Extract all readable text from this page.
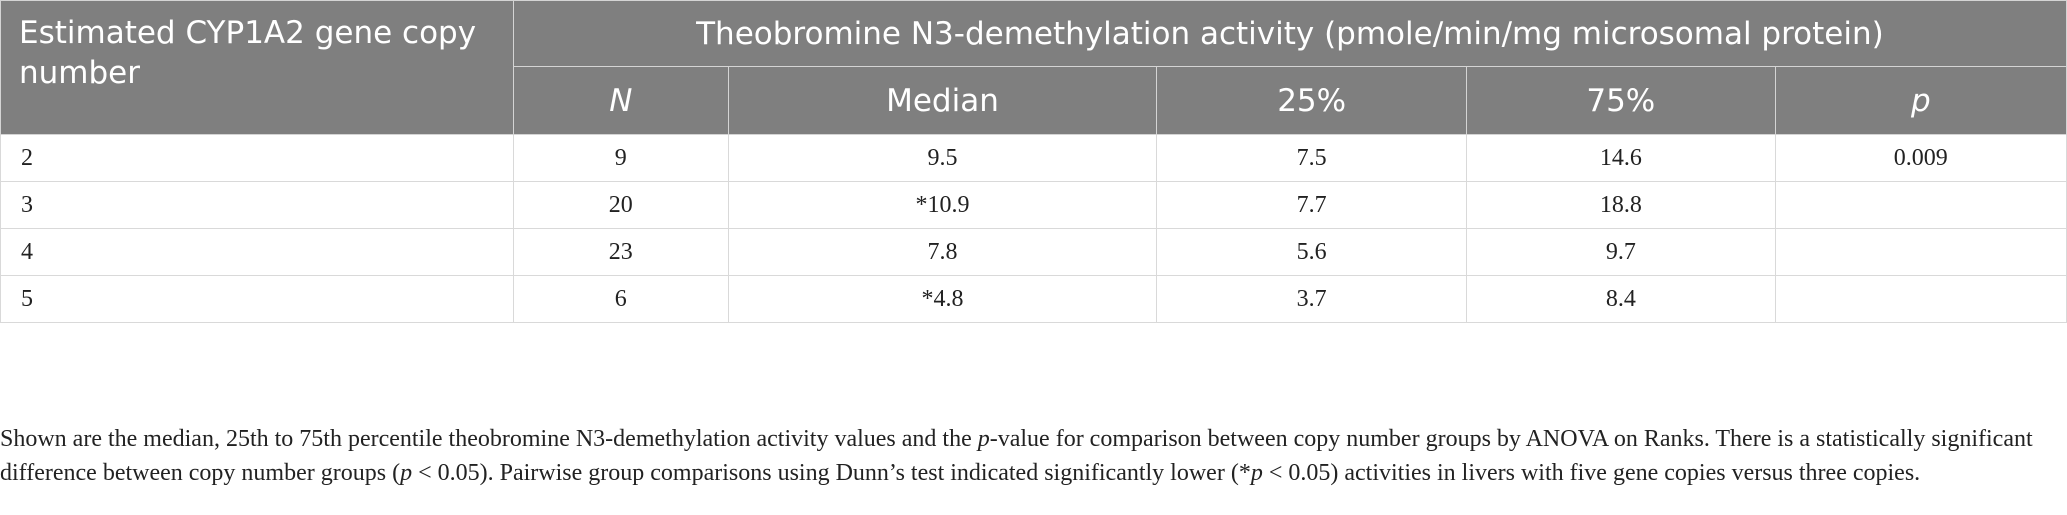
Estimated CYP1A2 gene copy number	Theobromine N3-demethylation activity (pmole/min/mg microsomal protein)				
	N	Median	25%	75%	p
2	9	9.5	7.5	14.6	0.009
3	20	*10.9	7.7	18.8	
4	23	7.8	5.6	9.7	
5	6	*4.8	3.7	8.4	

Shown are the median, 25th to 75th percentile theobromine N3-demethylation activity values and the p-value for comparison between copy number groups by ANOVA on Ranks. There is a statistically significant difference between copy number groups (p < 0.05). Pairwise group comparisons using Dunn’s test indicated significantly lower (*p < 0.05) activities in livers with five gene copies versus three copies.
